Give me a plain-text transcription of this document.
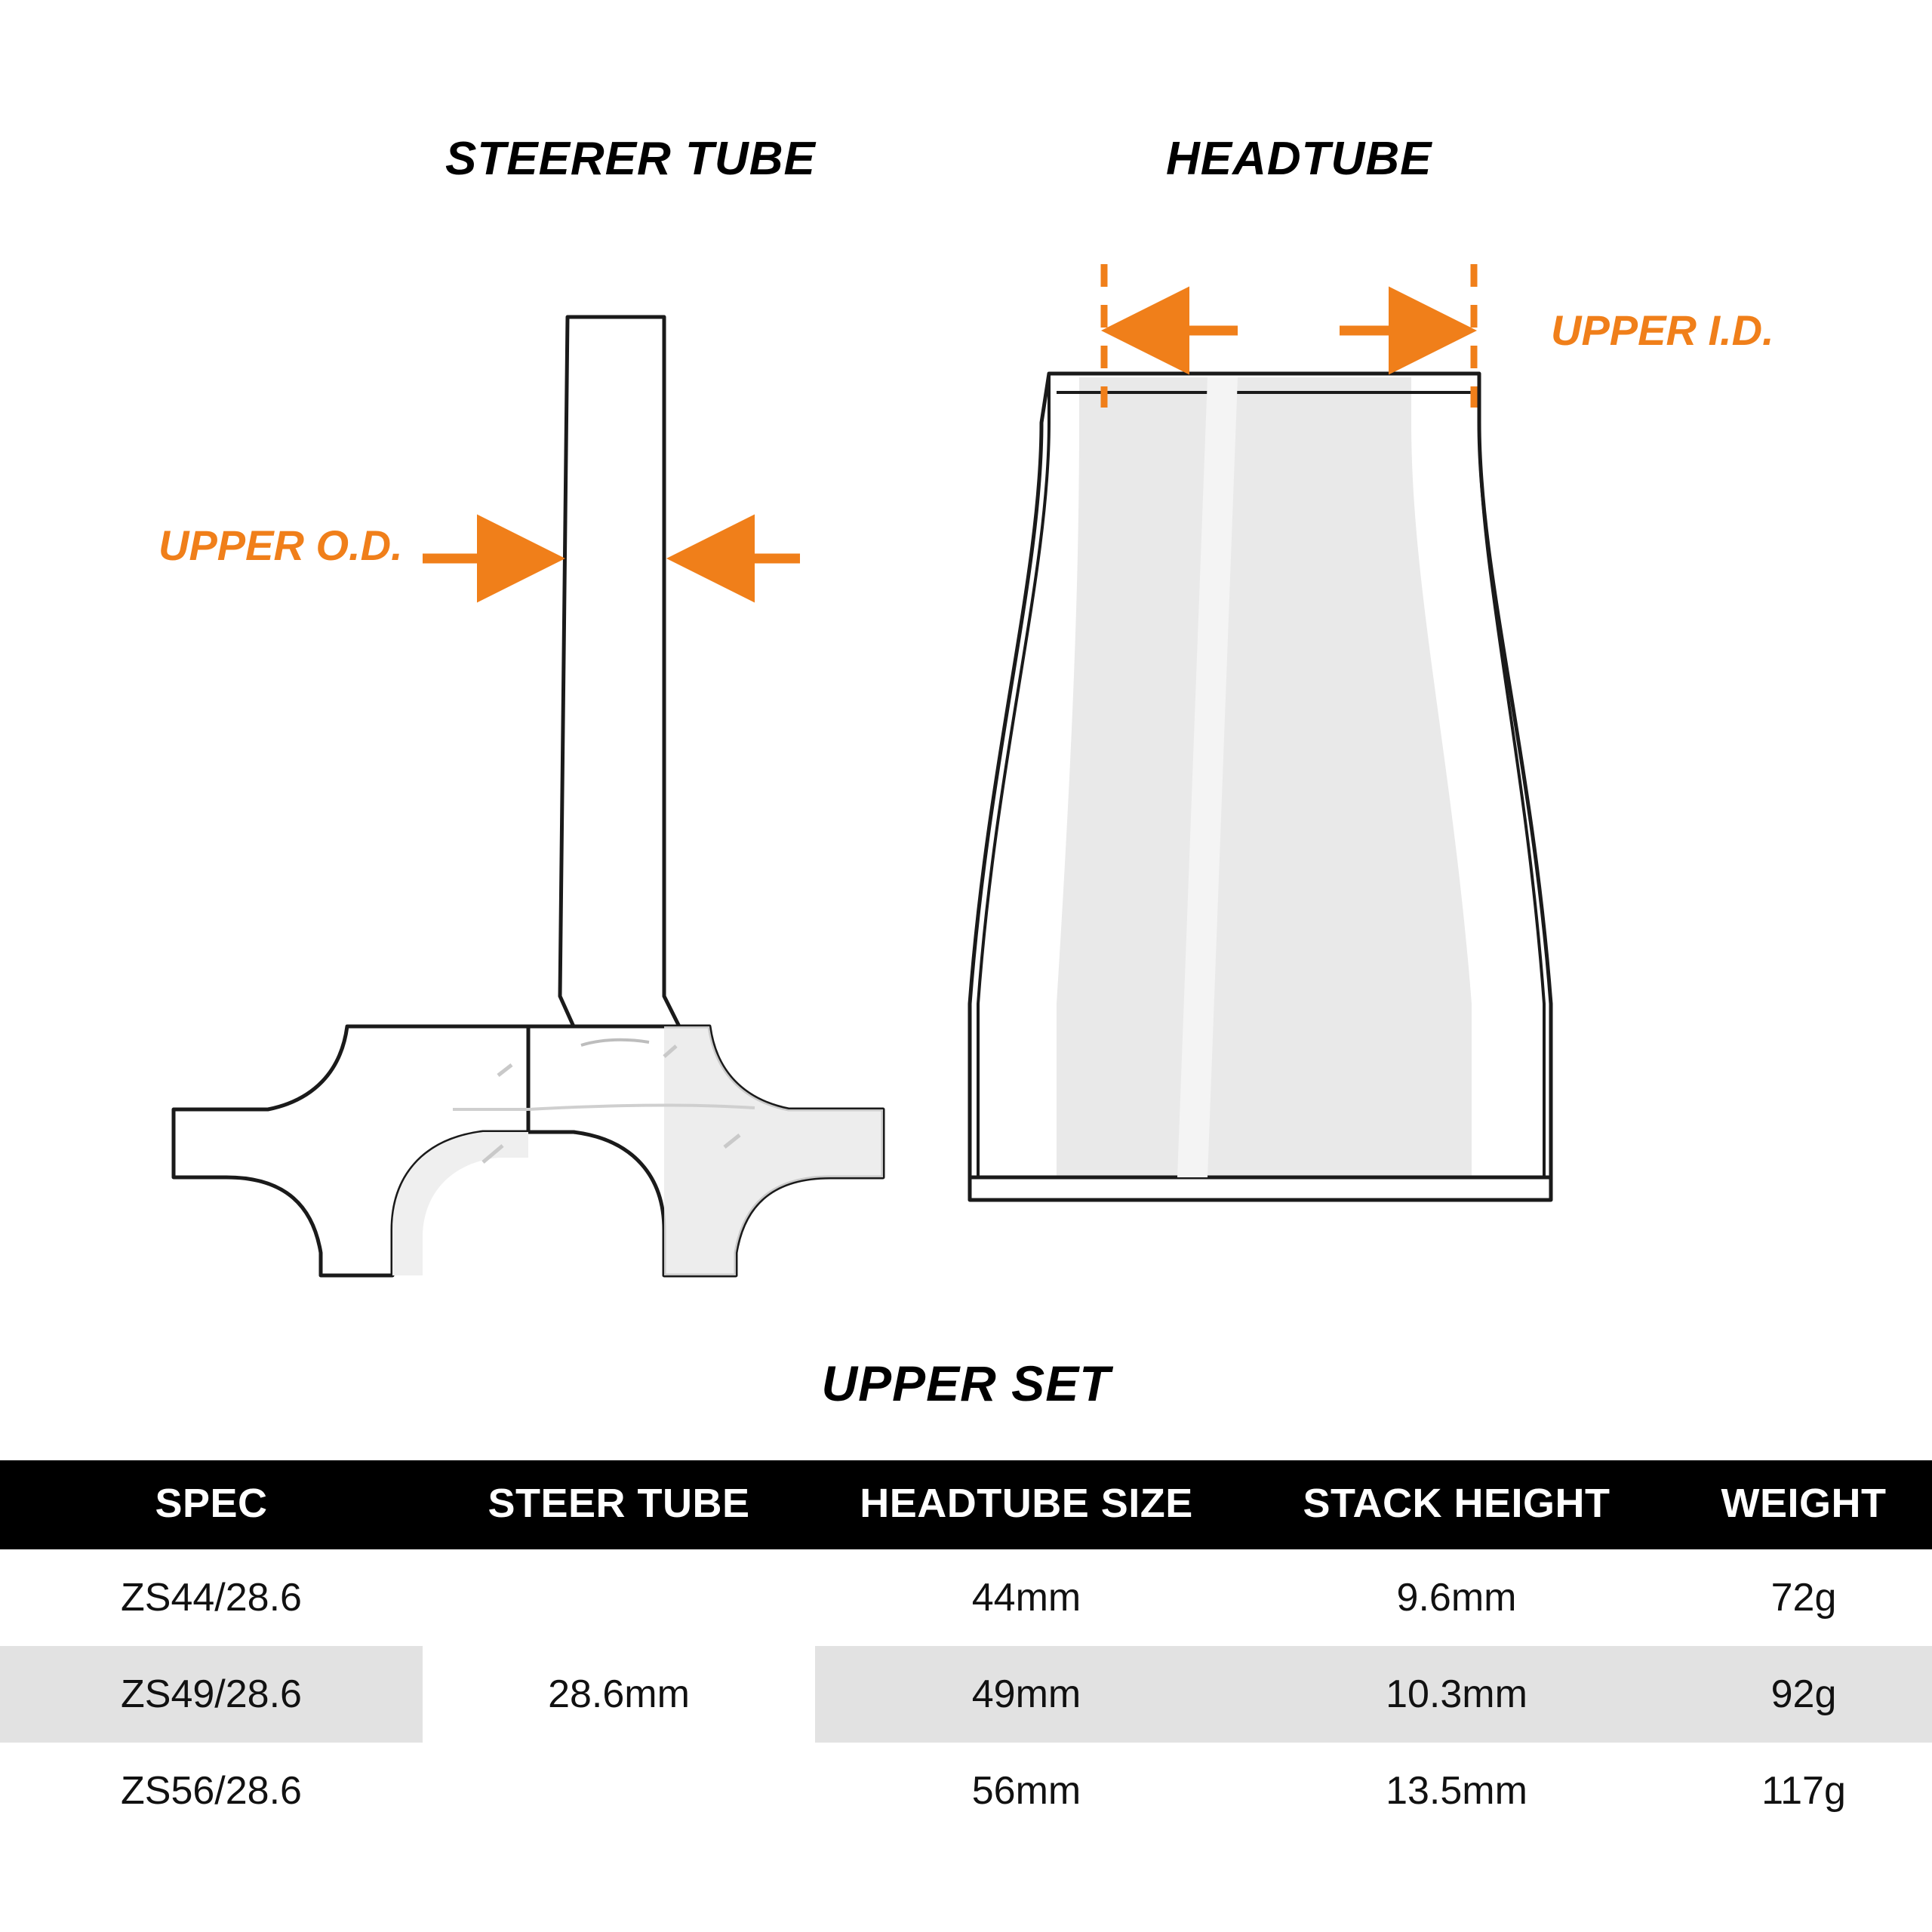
STEERER TUBE	HEADTUBE
UPPER O.D.
UPPER I.D.
UPPER SET
SPEC	STEER TUBE	HEADTUBE SIZE	STACK HEIGHT	WEIGHT
ZS44/28.6	28.6mm	44mm	9.6mm	72g
ZS49/28.6		49mm	10.3mm	92g
ZS56/28.6		56mm	13.5mm	117g
